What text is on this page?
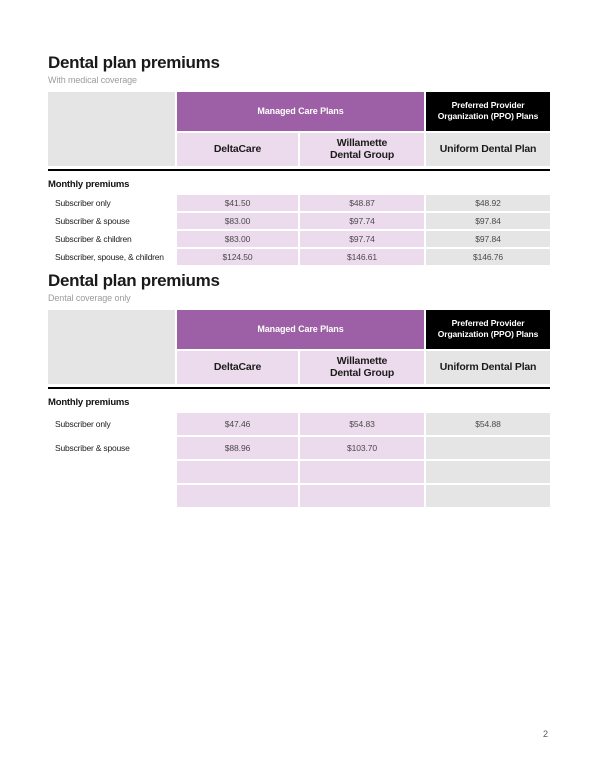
Dental plan premiums
With medical coverage
Managed Care Plans
Preferred Provider Organization (PPO) Plans
DeltaCare
Willamette Dental Group
Uniform Dental Plan
Monthly premiums
Subscriber only	$41.50	$48.87	$48.92
Subscriber & spouse	$83.00	$97.74	$97.84
Subscriber & children	$83.00	$97.74	$97.84
Subscriber, spouse, & children	$124.50	$146.61	$146.76
Dental plan premiums
Dental coverage only
Managed Care Plans
Preferred Provider Organization (PPO) Plans
DeltaCare
Willamette Dental Group
Uniform Dental Plan
Monthly premiums
Subscriber only	$47.46	$54.83	$54.88
Subscriber & spouse	$88.96	$103.70
2
